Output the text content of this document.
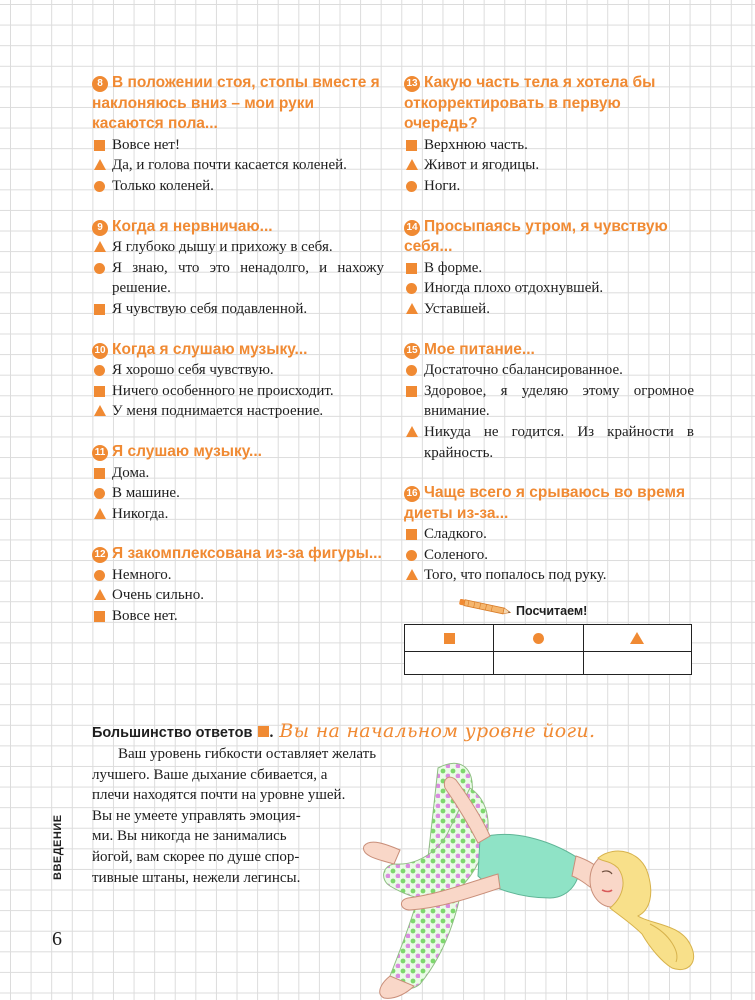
8 В положении стоя, стопы вместе я наклоняюсь вниз – мои руки касаются пола...

Вовсе нет!
Да, и голова почти касается коленей.
Только коленей.

9 Когда я нервничаю...

Я глубоко дышу и прихожу в себя.
Я знаю, что это ненадолго, и нахожу решение.
Я чувствую себя подавленной.

10 Когда я слушаю музыку...

Я хорошо себя чувствую.
Ничего особенного не происходит.
У меня поднимается настроение.

11 Я слушаю музыку...

Дома.
В машине.
Никогда.

12 Я закомплексована из-за фигуры...

Немного.
Очень сильно.
Вовсе нет.

13 Какую часть тела я хотела бы откорректировать в первую очередь?

Верхнюю часть.
Живот и ягодицы.
Ноги.

14 Просыпаясь утром, я чувствую себя...

В форме.
Иногда плохо отдохнувшей.
Уставшей.

15 Мое питание...

Достаточно сбалансированное.
Здоровое, я уделяю этому огромное внимание.
Никуда не годится. Из крайности в крайность.

16 Чаще всего я срываюсь во время диеты из-за...

Сладкого.
Соленого.
Того, что попалось под руку.
Посчитаем!

Большинство ответов . Вы на начальном уровне йоги.
Ваш уровень гибкости оставляет желать
лучшего. Ваше дыхание сбивается, а
плечи находятся почти на уровне ушей.
Вы не умеете управлять эмоция-
ми. Вы никогда не занимались
йогой, вам скорее по душе спор-
тивные штаны, нежели легинсы.
ВВЕДЕНИЕ
6
